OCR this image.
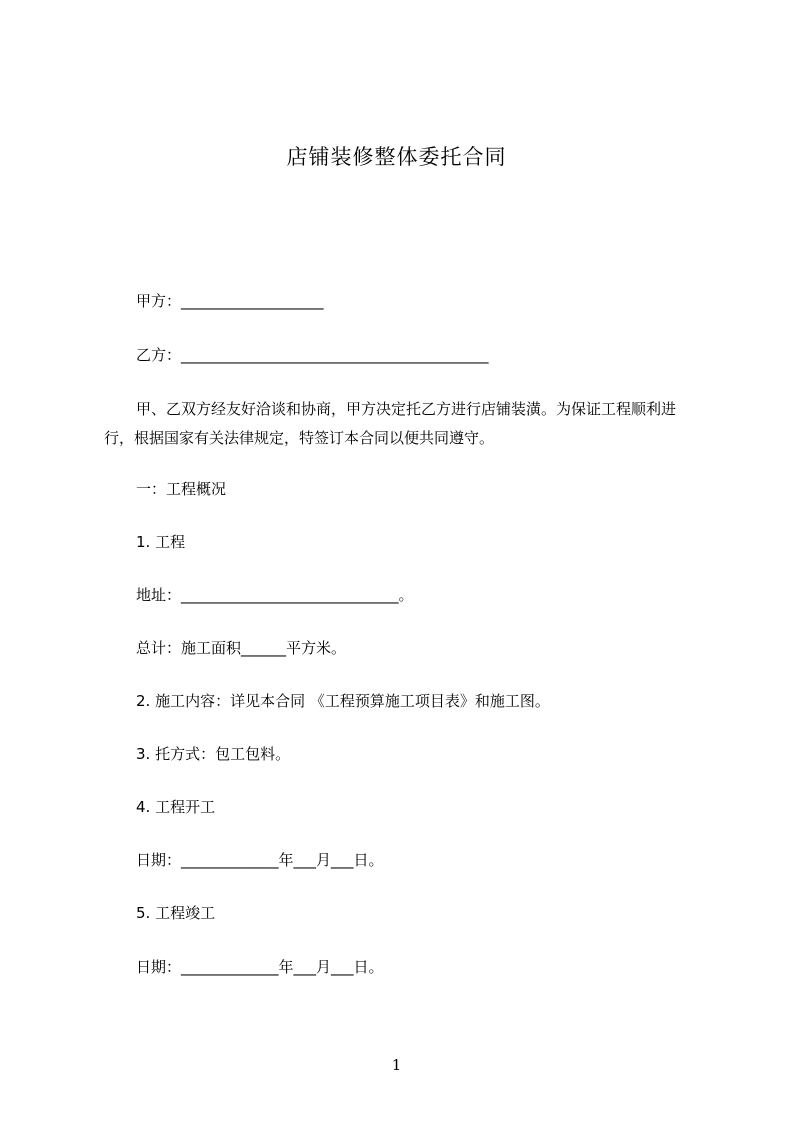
店铺装修整体委托合同
甲方：___________________
乙方：_________________________________________
甲、乙双方经友好洽谈和协商，甲方决定托乙方进行店铺装潢。为保证工程顺利进行，根据国家有关法律规定，特签订本合同以便共同遵守。
一：工程概况
1. 工程
地址：_____________________________。
总计：施工面积______平方米。
2. 施工内容：详见本合同 《工程预算施工项目表》和施工图。
3. 托方式：包工包料。
4. 工程开工
日期：_____________年___月___日。
5. 工程竣工
日期：_____________年___月___日。
1
